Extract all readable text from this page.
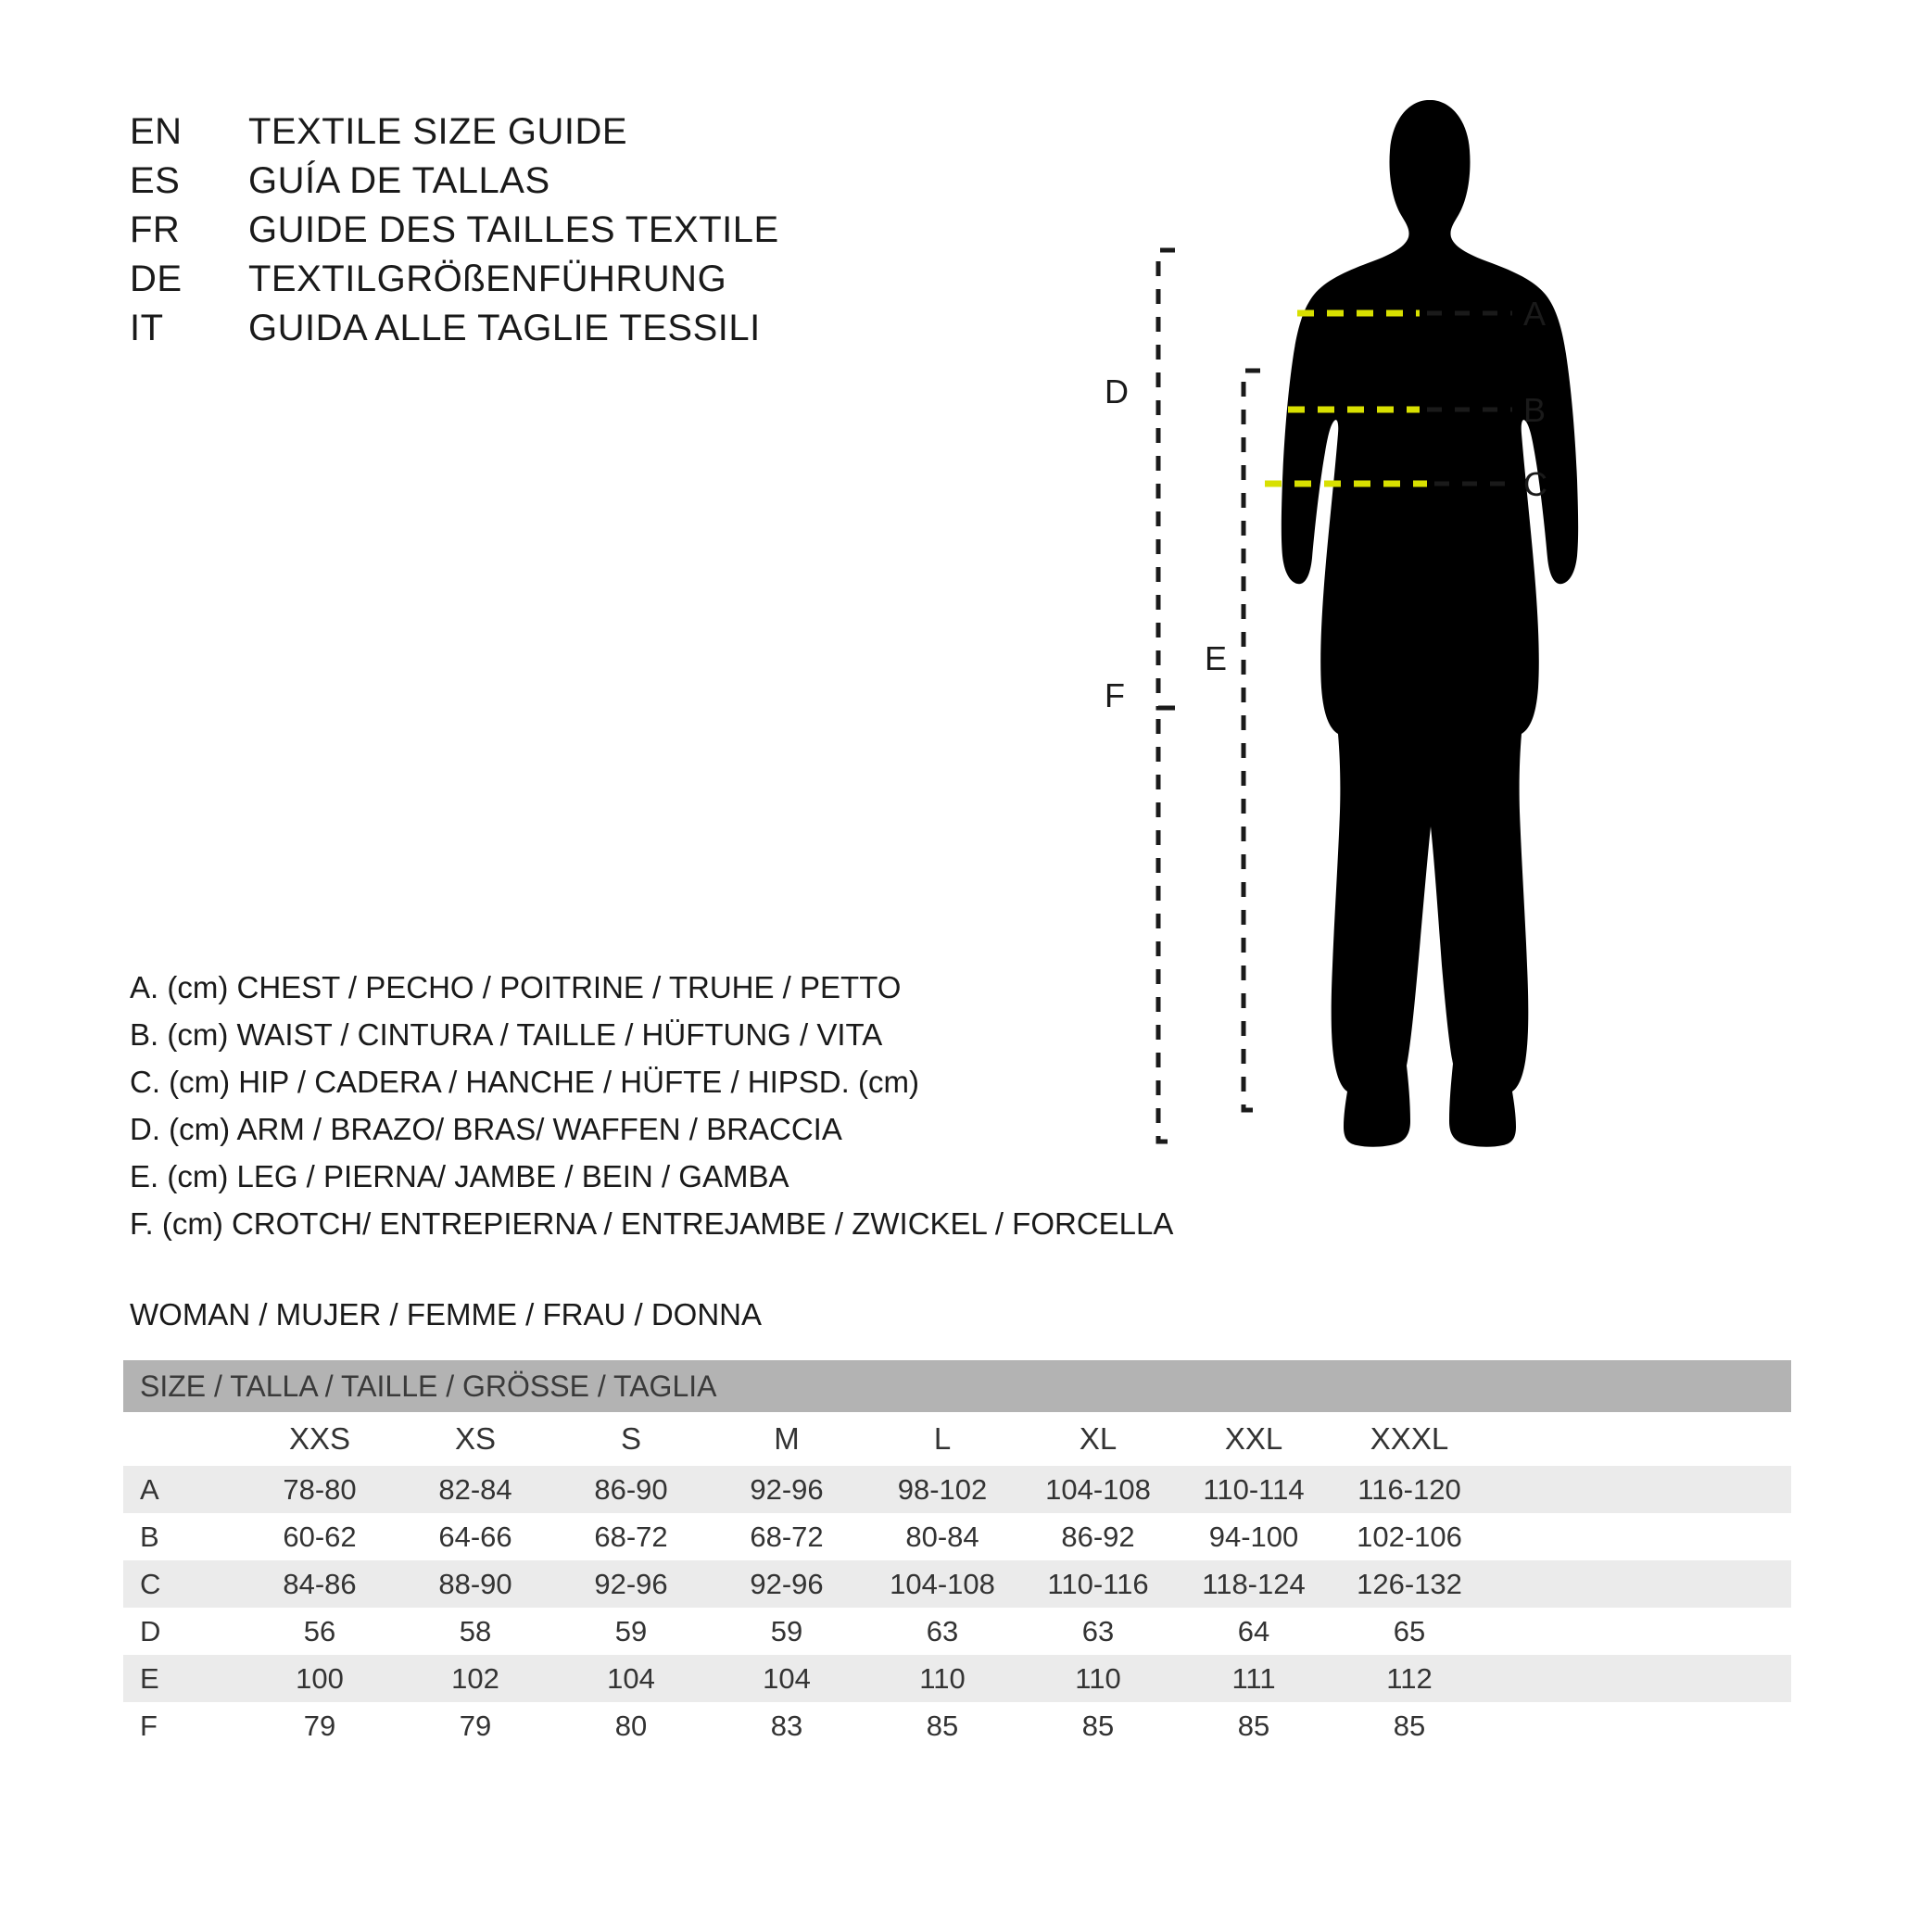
EN	TEXTILE SIZE GUIDE
ES	GUÍA DE TALLAS
FR	GUIDE DES TAILLES TEXTILE
DE	TEXTILGRÖßENFÜHRUNG
IT	GUIDA ALLE TAGLIE TESSILI	A
B
C
D
E
F
A. (cm) CHEST / PECHO / POITRINE / TRUHE / PETTO
B. (cm) WAIST / CINTURA / TAILLE / HÜFTUNG / VITA
C. (cm) HIP / CADERA / HANCHE / HÜFTE / HIPSD. (cm)
D. (cm) ARM / BRAZO/ BRAS/ WAFFEN / BRACCIA
E. (cm) LEG / PIERNA/ JAMBE / BEIN / GAMBA
F. (cm) CROTCH/ ENTREPIERNA / ENTREJAMBE / ZWICKEL / FORCELLA
WOMAN / MUJER / FEMME / FRAU / DONNA
SIZE / TALLA / TAILLE / GRÖSSE / TAGLIA									
	XXS	XS	S	M	L	XL	XXL	XXXL	
A	78-80	82-84	86-90	92-96	98-102	104-108	110-114	116-120	
B	60-62	64-66	68-72	68-72	80-84	86-92	94-100	102-106	
C	84-86	88-90	92-96	92-96	104-108	110-116	118-124	126-132	
D	56	58	59	59	63	63	64	65	
E	100	102	104	104	110	110	111	112	
F	79	79	80	83	85	85	85	85	
